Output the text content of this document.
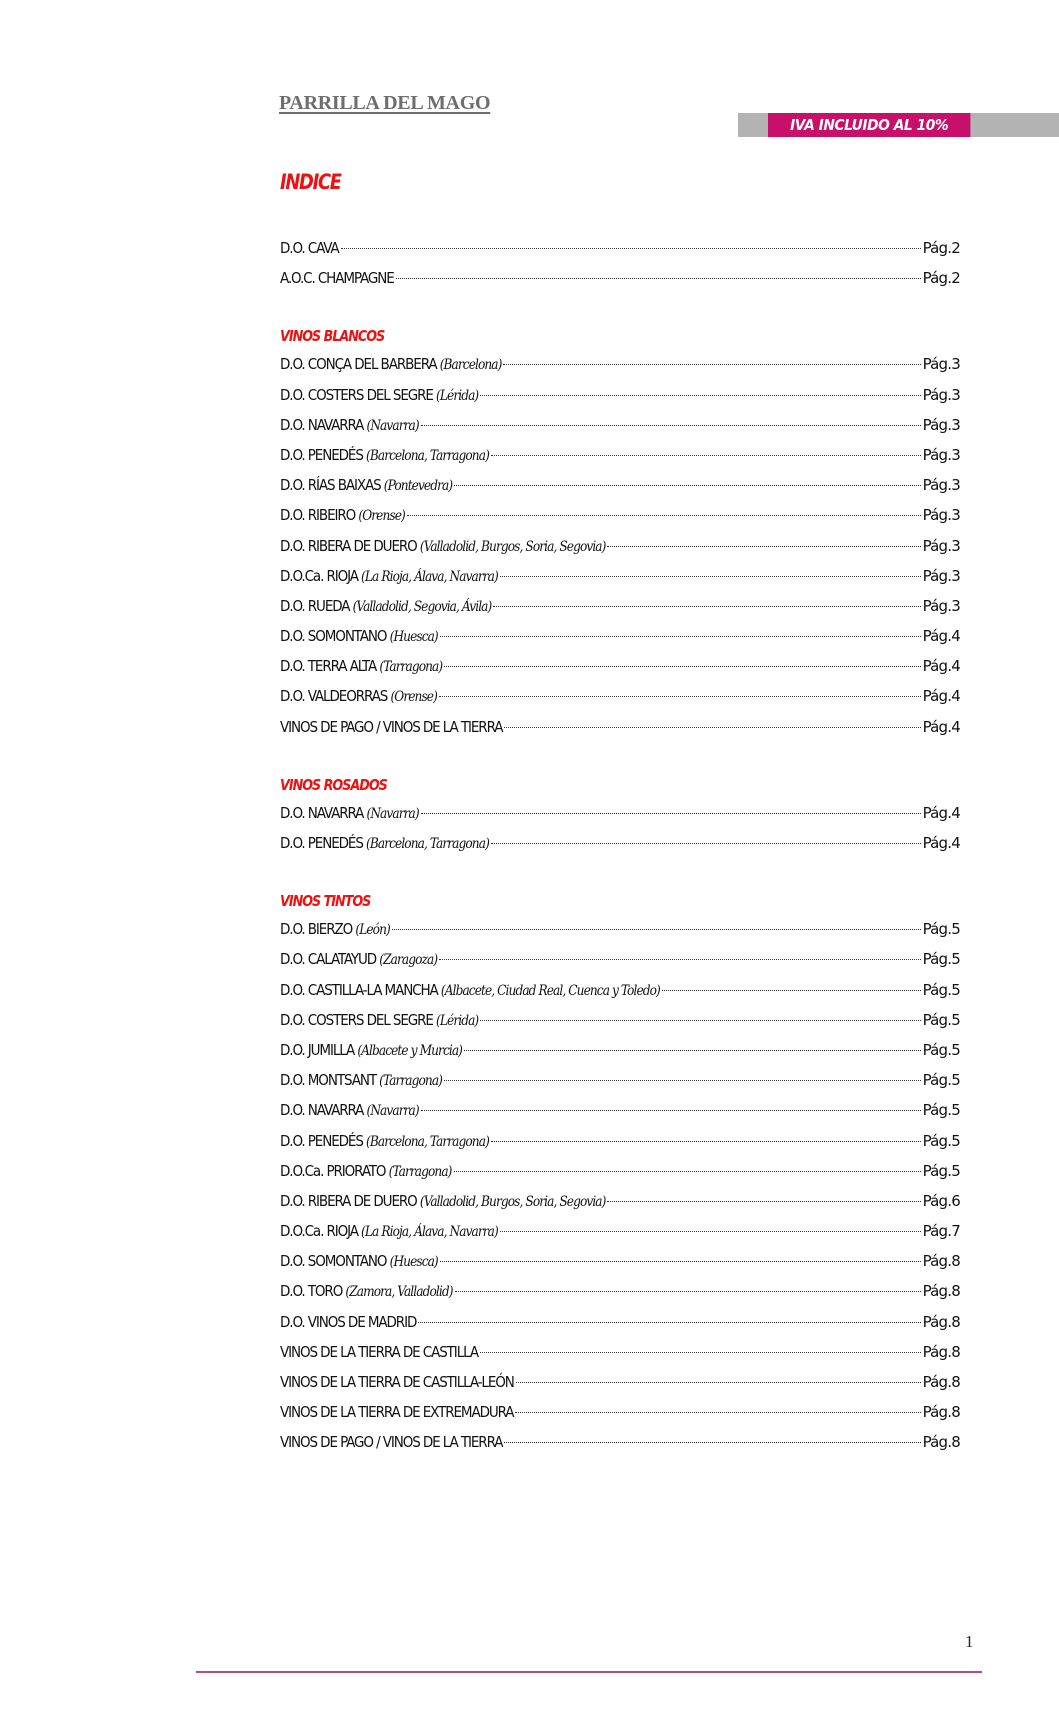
PARRILLA DEL MAGO
IVA INCLUIDO AL 10%
INDICE
D.O. CAVA	Pág.2
A.O.C. CHAMPAGNE	Pág.2
VINOS BLANCOS
D.O. CONÇA DEL BARBERA (Barcelona)	Pág.3
D.O. COSTERS DEL SEGRE (Lérida)	Pág.3
D.O. NAVARRA (Navarra)	Pág.3
D.O. PENEDÉS (Barcelona, Tarragona)	Pág.3
D.O. RÍAS BAIXAS (Pontevedra)	Pág.3
D.O. RIBEIRO (Orense)	Pág.3
D.O. RIBERA DE DUERO (Valladolid, Burgos, Soria, Segovia)	Pág.3
D.O.Ca. RIOJA (La Rioja, Álava, Navarra)	Pág.3
D.O. RUEDA (Valladolid, Segovia, Ávila)	Pág.3
D.O. SOMONTANO (Huesca)	Pág.4
D.O. TERRA ALTA (Tarragona)	Pág.4
D.O. VALDEORRAS (Orense)	Pág.4
VINOS DE PAGO / VINOS DE LA TIERRA	Pág.4
VINOS ROSADOS
D.O. NAVARRA (Navarra)	Pág.4
D.O. PENEDÉS (Barcelona, Tarragona)	Pág.4
VINOS TINTOS
D.O. BIERZO (León)	Pág.5
D.O. CALATAYUD (Zaragoza)	Pág.5
D.O. CASTILLA-LA MANCHA (Albacete, Ciudad Real, Cuenca y Toledo)	Pág.5
D.O. COSTERS DEL SEGRE (Lérida)	Pág.5
D.O. JUMILLA (Albacete y Murcia)	Pág.5
D.O. MONTSANT (Tarragona)	Pág.5
D.O. NAVARRA (Navarra)	Pág.5
D.O. PENEDÉS (Barcelona, Tarragona)	Pág.5
D.O.Ca. PRIORATO (Tarragona)	Pág.5
D.O. RIBERA DE DUERO (Valladolid, Burgos, Soria, Segovia)	Pág.6
D.O.Ca. RIOJA (La Rioja, Álava, Navarra)	Pág.7
D.O. SOMONTANO (Huesca)	Pág.8
D.O. TORO (Zamora, Valladolid)	Pág.8
D.O. VINOS DE MADRID	Pág.8
VINOS DE LA TIERRA DE CASTILLA	Pág.8
VINOS DE LA TIERRA DE CASTILLA-LEÓN	Pág.8
VINOS DE LA TIERRA DE EXTREMADURA	Pág.8
VINOS DE PAGO / VINOS DE LA TIERRA	Pág.8
1
